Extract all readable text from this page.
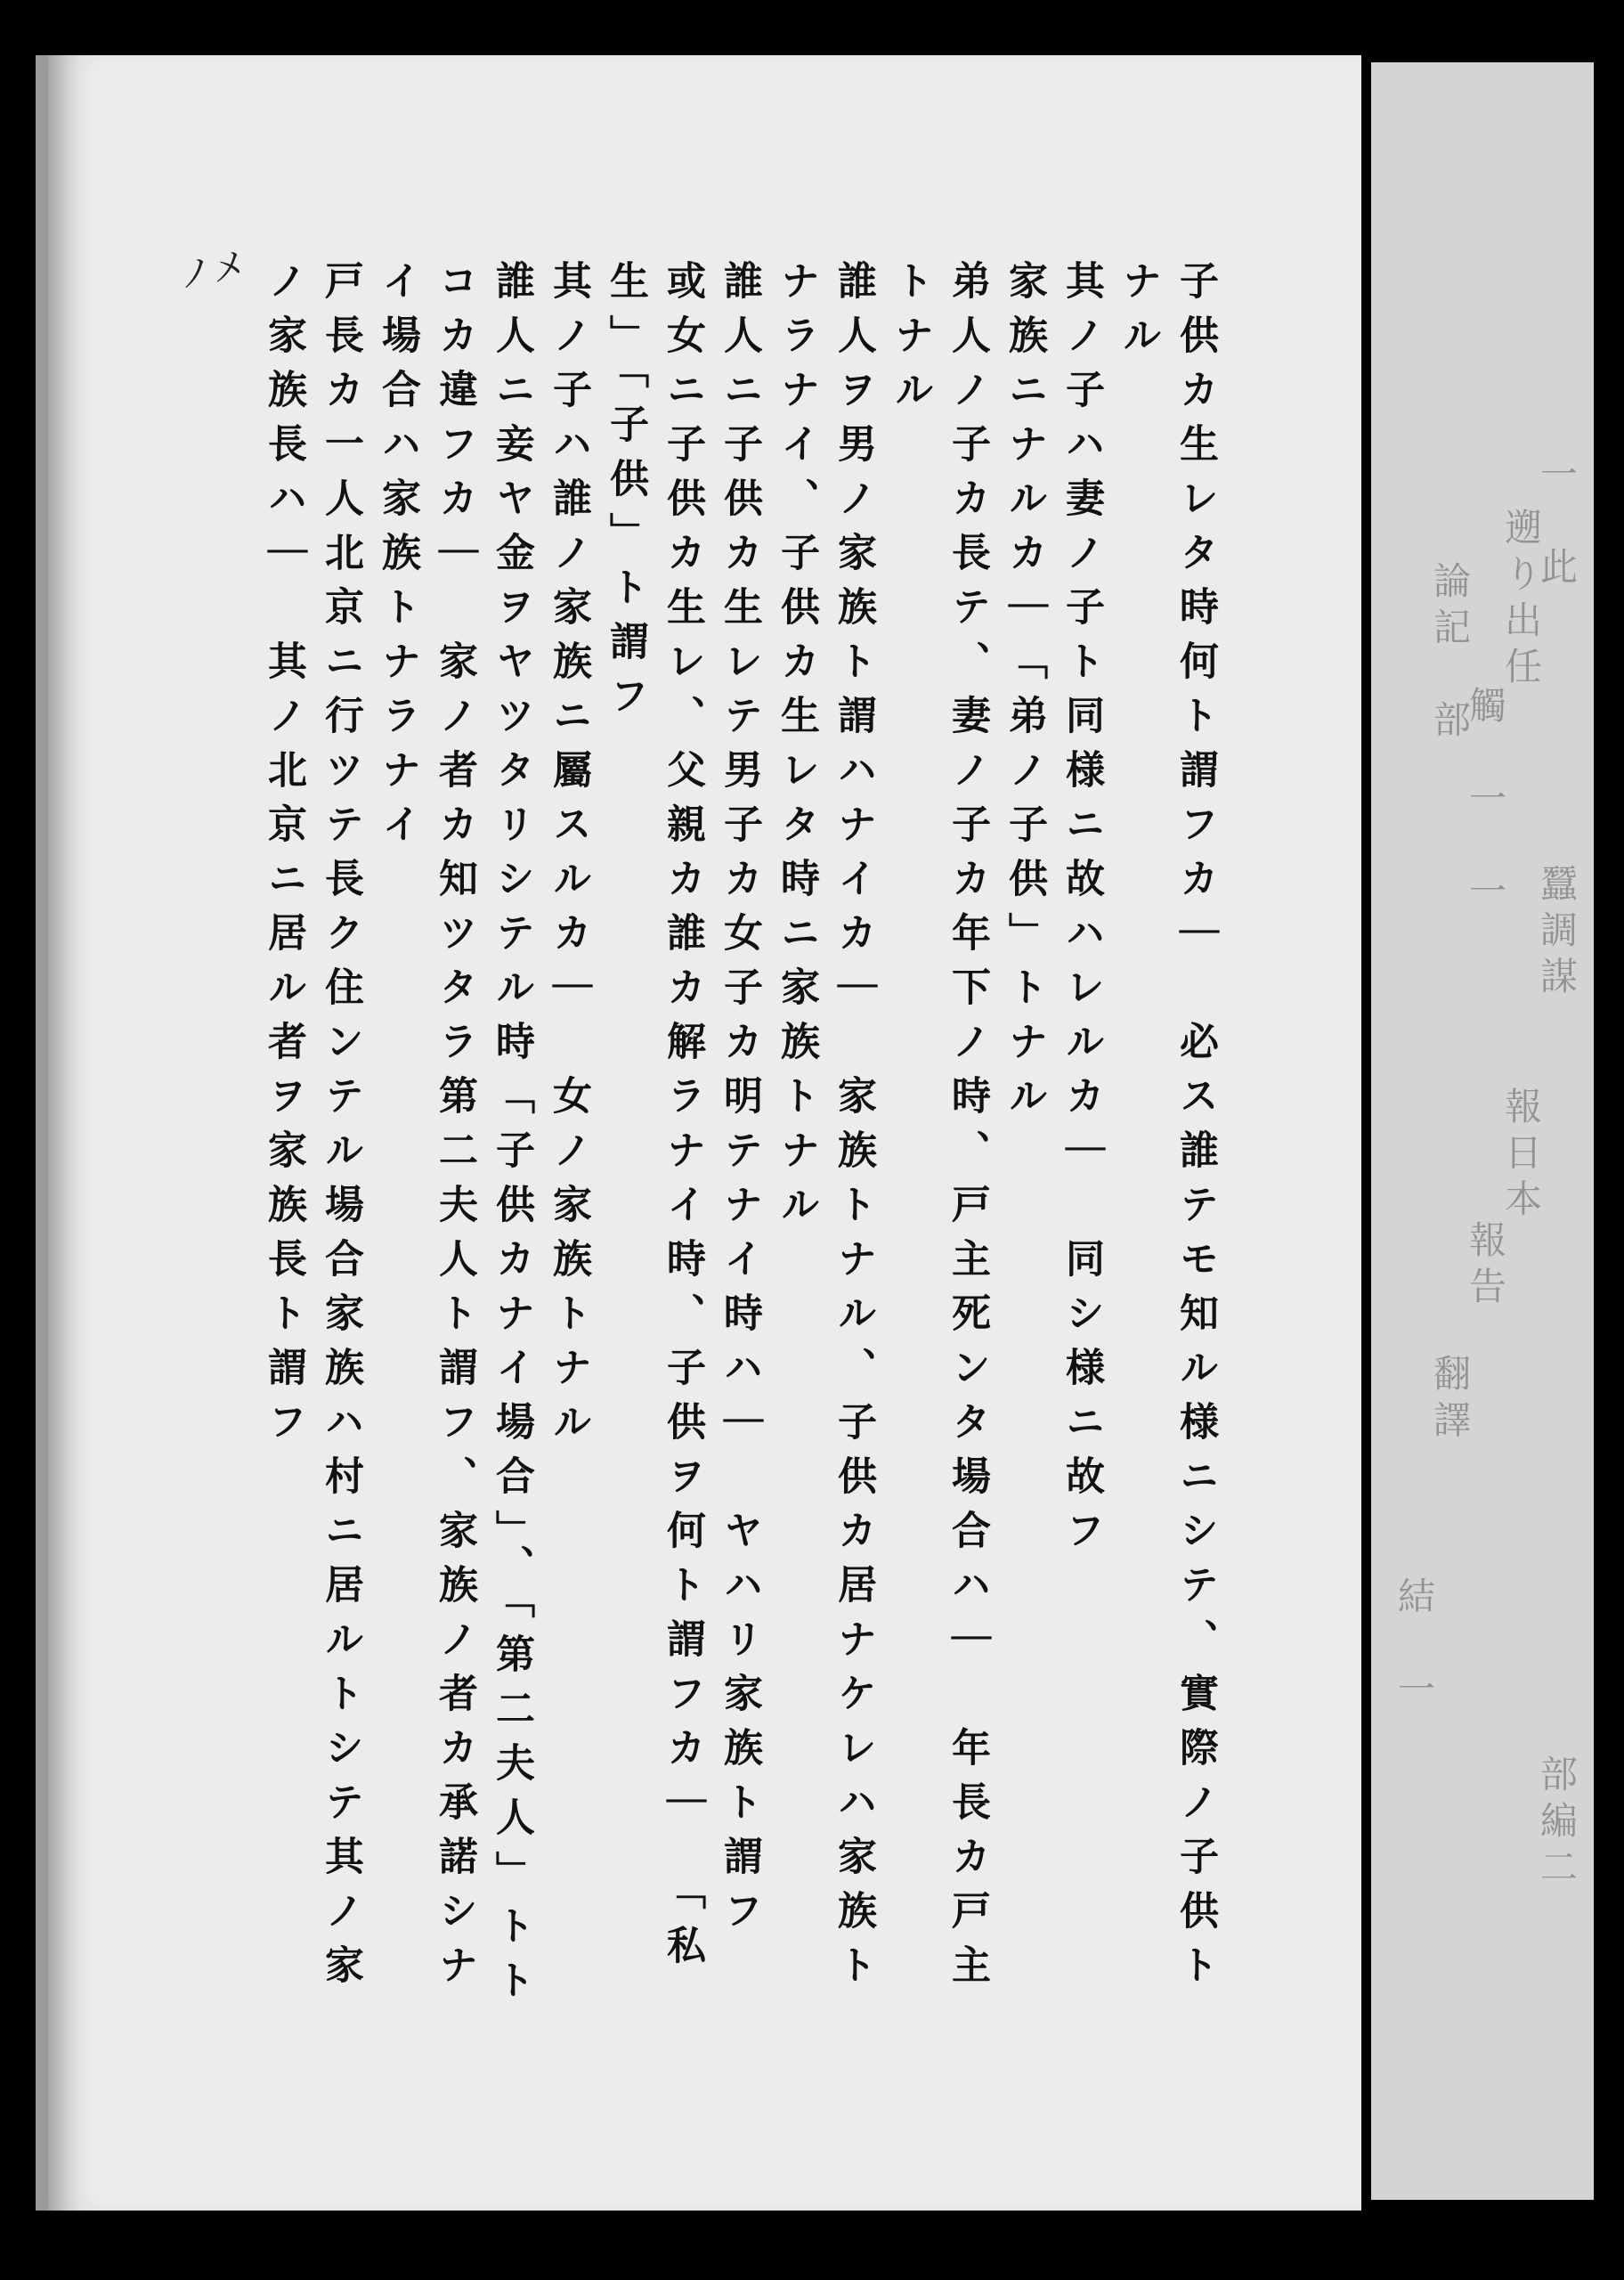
ノメ	子供カ生レタ時何ト謂フカ｜　必ス誰テモ知ル様ニシテ、實際ノ子供ト

ナル

其ノ子ハ妻ノ子ト同様ニ故ハレルカ｜　同シ様ニ故フ

家族ニナルカ｜「弟ノ子供」トナル

弟人ノ子カ長テ、妻ノ子カ年下ノ時、戸主死ンタ場合ハ｜　年長カ戸主

トナル

誰人ヲ男ノ家族ト謂ハナイカ｜　家族トナル、子供カ居ナケレハ家族ト

ナラナイ、子供カ生レタ時ニ家族トナル

誰人ニ子供カ生レテ男子カ女子カ明テナイ時ハ｜　ヤハリ家族ト謂フ

或女ニ子供カ生レ、父親カ誰カ解ラナイ時、子供ヲ何ト謂フカ｜　「私

生」「子供」ト謂フ

其ノ子ハ誰ノ家族ニ屬スルカ｜　女ノ家族トナル

誰人ニ妾ヤ金ヲヤツタリシテル時「子供カナイ場合」、「第二夫人」トト

コカ違フカ｜　家ノ者カ知ツタラ第二夫人ト謂フ、家族ノ者カ承諾シナ

イ場合ハ家族トナラナイ

戸長カ一人北京ニ行ツテ長ク住ンテル場合家族ハ村ニ居ルトシテ其ノ家

ノ家族長ハ｜　其ノ北京ニ居ル者ヲ家族長ト謂フ	一　此
遡り出任
觸　一　一
論記　部
蠶調謀
報日本
報告
翻譯
結　一
部編二
